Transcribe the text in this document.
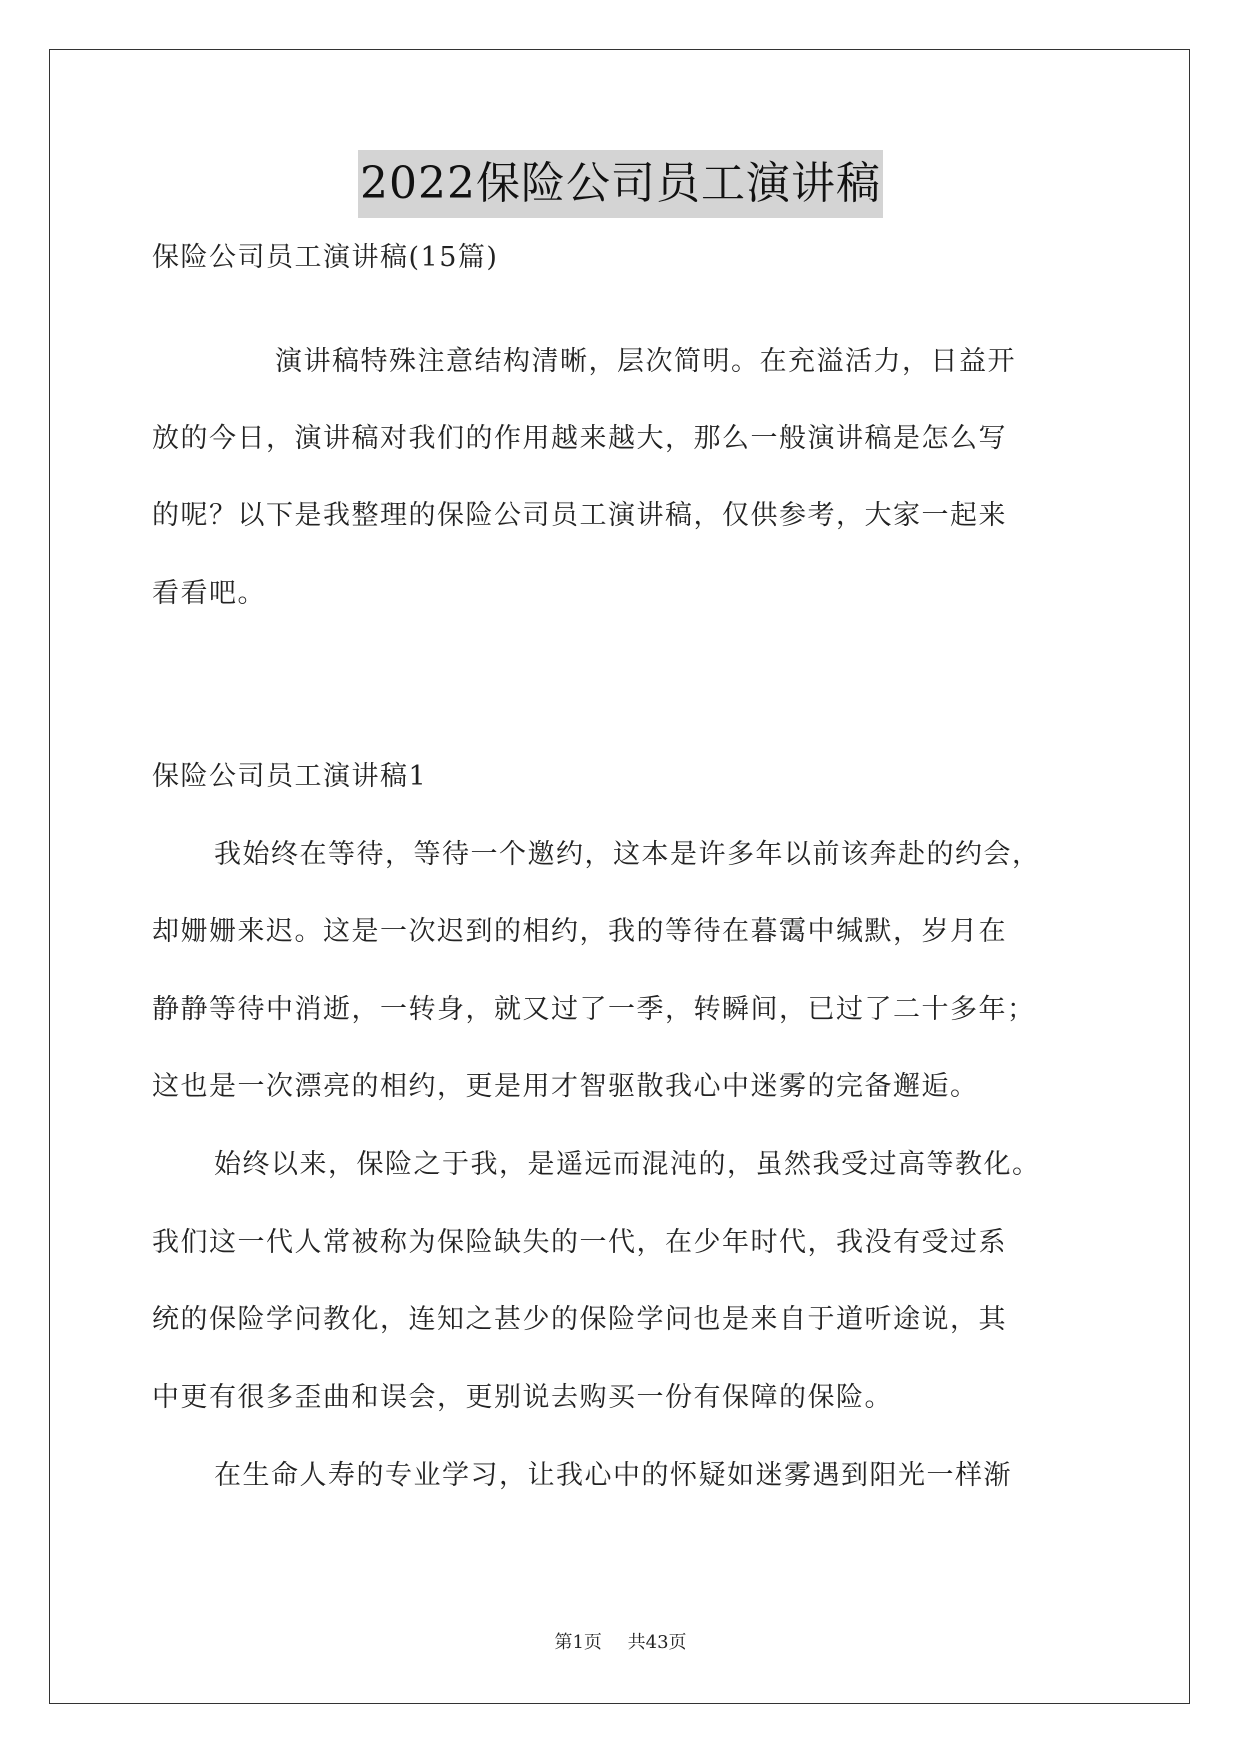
2022保险公司员工演讲稿
保险公司员工演讲稿(15篇)
演讲稿特殊注意结构清晰，层次简明。在充溢活力，日益开
放的今日，演讲稿对我们的作用越来越大，那么一般演讲稿是怎么写
的呢？以下是我整理的保险公司员工演讲稿，仅供参考，大家一起来
看看吧。
保险公司员工演讲稿1
我始终在等待，等待一个邀约，这本是许多年以前该奔赴的约会，
却姗姗来迟。这是一次迟到的相约，我的等待在暮霭中缄默，岁月在
静静等待中消逝，一转身，就又过了一季，转瞬间，已过了二十多年；
这也是一次漂亮的相约，更是用才智驱散我心中迷雾的完备邂逅。
始终以来，保险之于我，是遥远而混沌的，虽然我受过高等教化。
我们这一代人常被称为保险缺失的一代，在少年时代，我没有受过系
统的保险学问教化，连知之甚少的保险学问也是来自于道听途说，其
中更有很多歪曲和误会，更别说去购买一份有保障的保险。
在生命人寿的专业学习，让我心中的怀疑如迷雾遇到阳光一样渐
第1页 共43页
